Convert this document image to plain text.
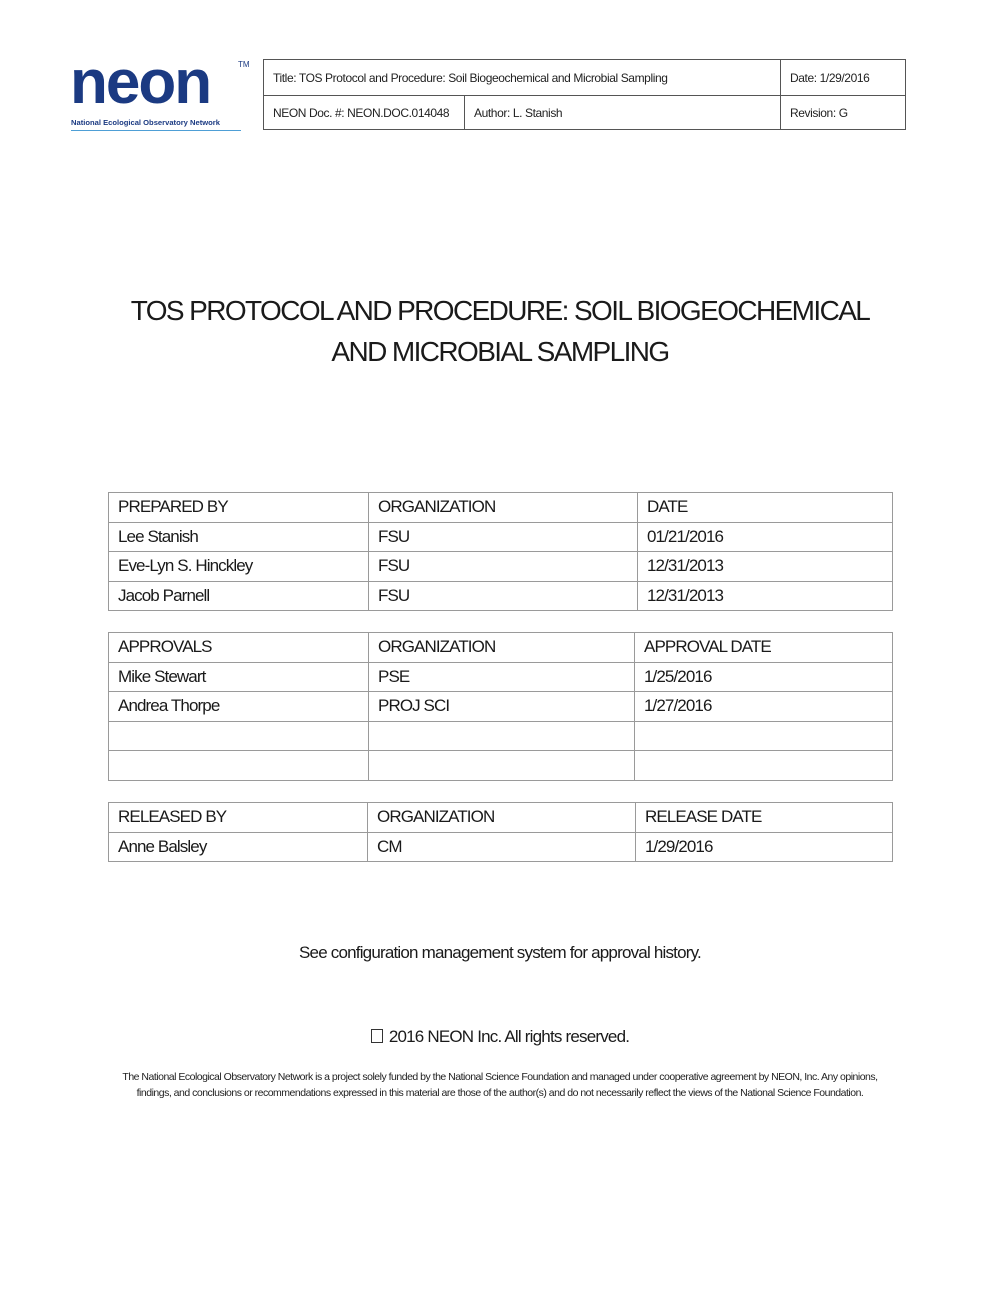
neon	TM
National Ecological Observatory Network
Title: TOS Protocol and Procedure: Soil Biogeochemical and Microbial Sampling	Date: 1/29/2016
NEON Doc. #: NEON.DOC.014048	Author: L. Stanish	Revision: G
TOS PROTOCOL AND PROCEDURE: SOIL BIOGEOCHEMICAL
AND MICROBIAL SAMPLING
PREPARED BY	ORGANIZATION	DATE
Lee Stanish	FSU	01/21/2016
Eve-Lyn S. Hinckley	FSU	12/31/2013
Jacob Parnell	FSU	12/31/2013
APPROVALS	ORGANIZATION	APPROVAL DATE
Mike Stewart	PSE	1/25/2016
Andrea Thorpe	PROJ SCI	1/27/2016

RELEASED BY	ORGANIZATION	RELEASE DATE
Anne Balsley	CM	1/29/2016
See configuration management system for approval history.
2016 NEON Inc. All rights reserved.
The National Ecological Observatory Network is a project solely funded by the National Science Foundation and managed under cooperative agreement by NEON, Inc. Any opinions, findings, and conclusions or recommendations expressed in this material are those of the author(s) and do not necessarily reflect the views of the National Science Foundation.
